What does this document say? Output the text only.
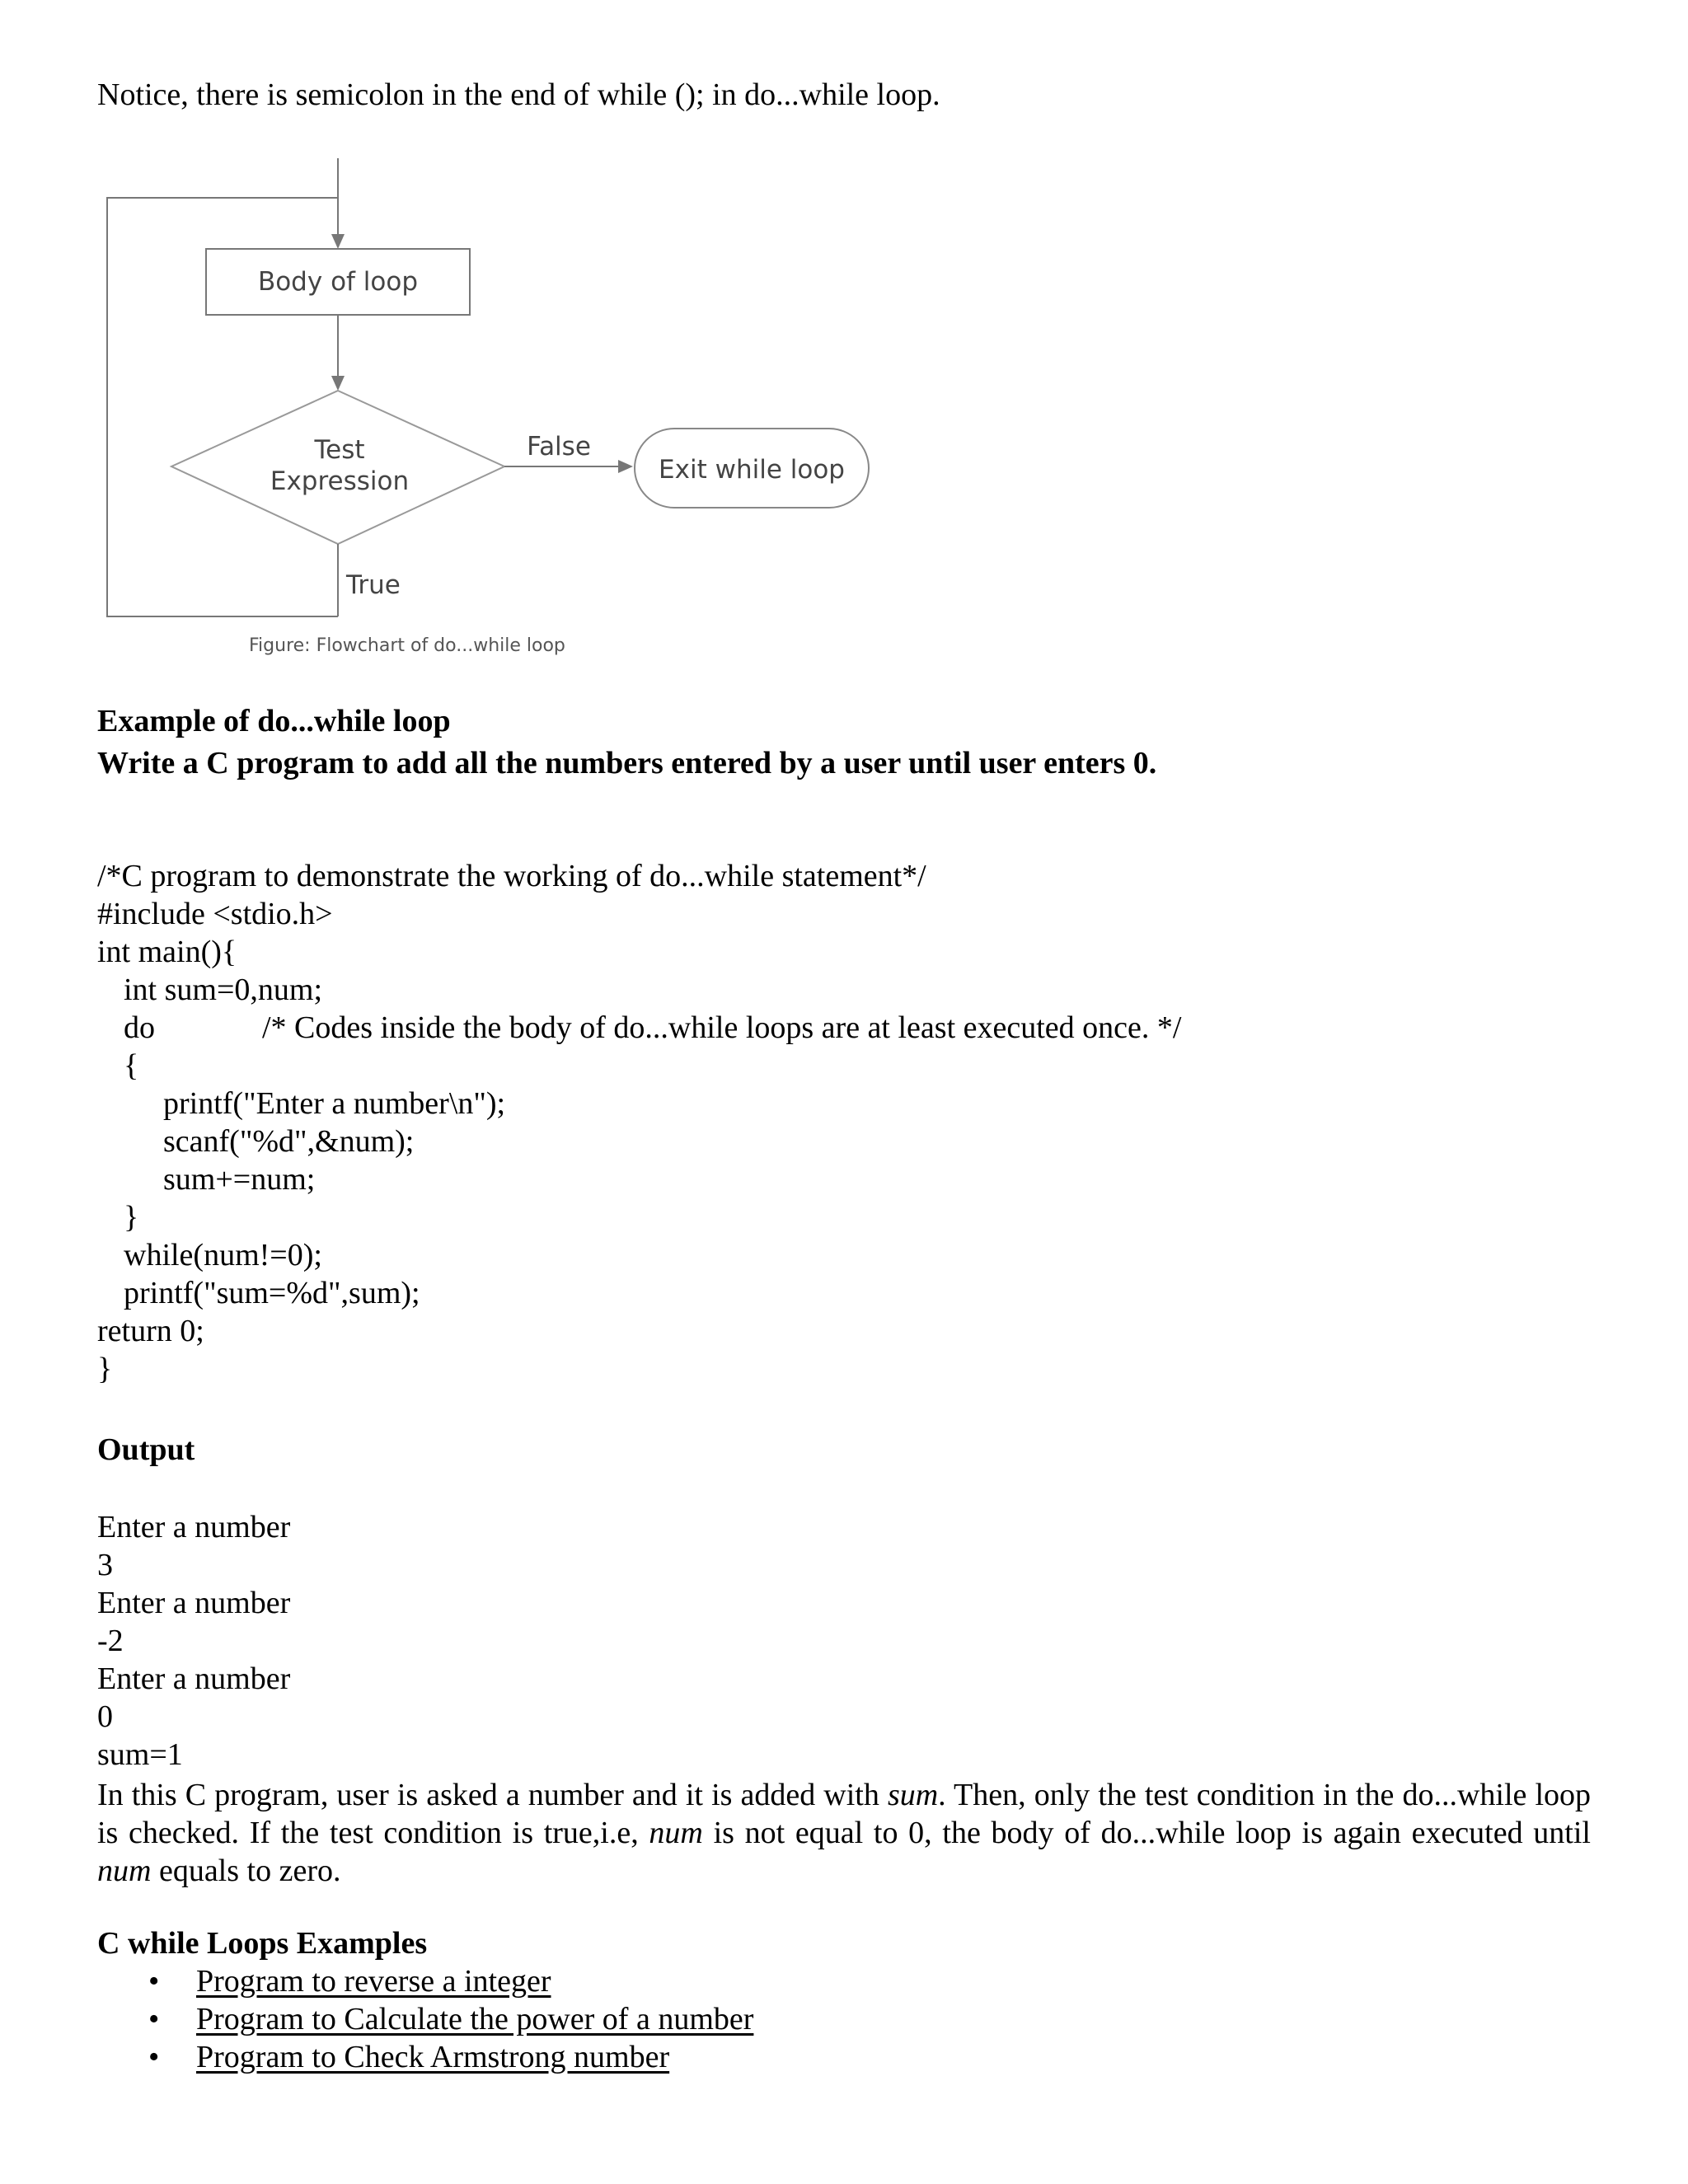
Notice, there is semicolon in the end of while (); in do...while loop.
Body of loop
Test
Expression
False
Exit while loop
True
Figure: Flowchart of do...while loop
Example of do...while loop
Write a C program to add all the numbers entered by a user until user enters 0.
/*C program to demonstrate the working of do...while statement*/
#include <stdio.h>
int main(){
int sum=0,num;
do	/* Codes inside the body of do...while loops are at least executed once. */
{
printf("Enter a number\n");
scanf("%d",&num);
sum+=num;
}
while(num!=0);
printf("sum=%d",sum);
return 0;
}
Output
Enter a number
3
Enter a number
-2
Enter a number
0
sum=1
In this C program, user is asked a number and it is added with sum. Then, only the test condition in the do...while loop is checked. If the test condition is true,i.e, num is not equal to 0, the body of do...while loop is again executed until num equals to zero.
C while Loops Examples
• Program to reverse a integer
• Program to Calculate the power of a number
• Program to Check Armstrong number
